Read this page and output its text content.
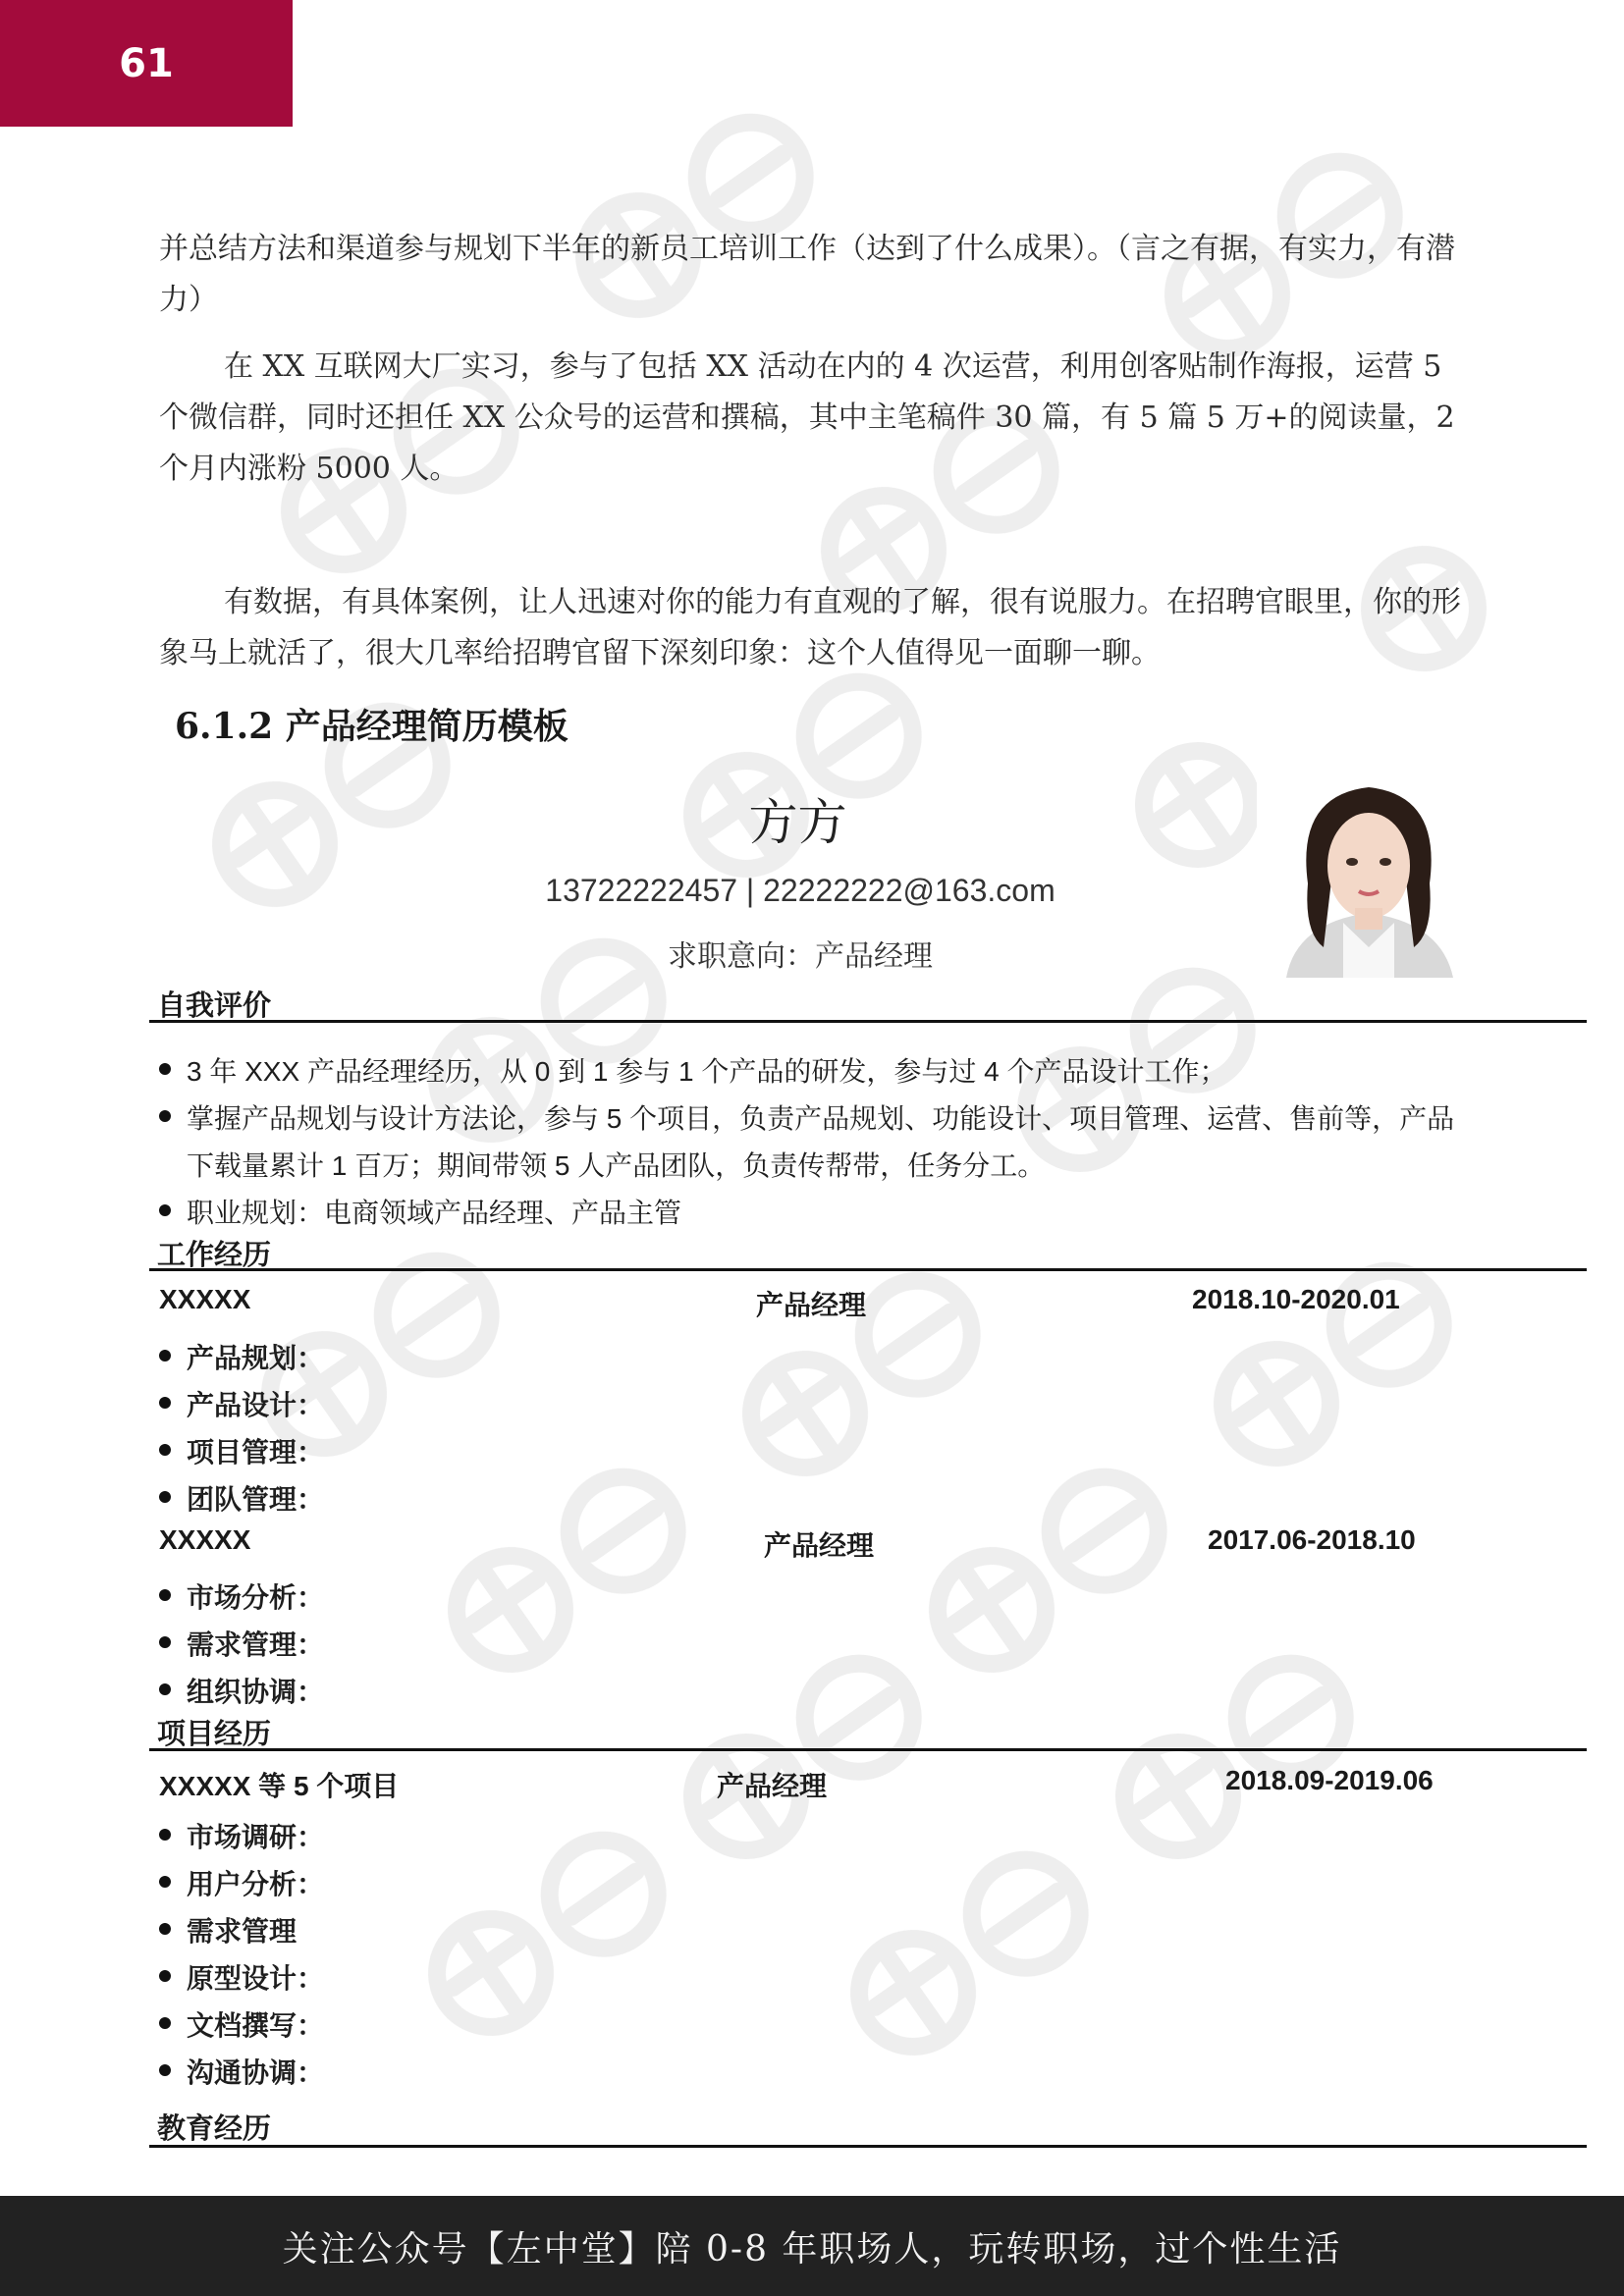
61

并总结方法和渠道参与规划下半年的新员工培训工作（达到了什么成果）。（言之有据，有实力，有潜力）

在 XX 互联网大厂实习，参与了包括 XX 活动在内的 4 次运营，利用创客贴制作海报，运营 5 个微信群，同时还担任 XX 公众号的运营和撰稿，其中主笔稿件 30 篇，有 5 篇 5 万+的阅读量，2 个月内涨粉 5000 人。

有数据，有具体案例，让人迅速对你的能力有直观的了解，很有说服力。在招聘官眼里，你的形象马上就活了，很大几率给招聘官留下深刻印象：这个人值得见一面聊一聊。

6.1.2 产品经理简历模板
方方
13722222457 | 22222222@163.com
求职意向：产品经理
自我评价
3 年 XXX 产品经理经历，从 0 到 1 参与 1 个产品的研发，参与过 4 个产品设计工作；
掌握产品规划与设计方法论，参与 5 个项目，负责产品规划、功能设计、项目管理、运营、售前等，产品
下载量累计 1 百万；期间带领 5 人产品团队，负责传帮带，任务分工。
职业规划：电商领域产品经理、产品主管
工作经历
XXXXX	产品经理	2018.10-2020.01
产品规划：
产品设计：
项目管理：
团队管理：
XXXXX	产品经理	2017.06-2018.10
市场分析：
需求管理：
组织协调：
项目经历
XXXXX 等 5 个项目	产品经理	2018.09-2019.06
市场调研：
用户分析：
需求管理
原型设计：
文档撰写：
沟通协调：
教育经历
关注公众号【左中堂】陪 0-8 年职场人，玩转职场，过个性生活
